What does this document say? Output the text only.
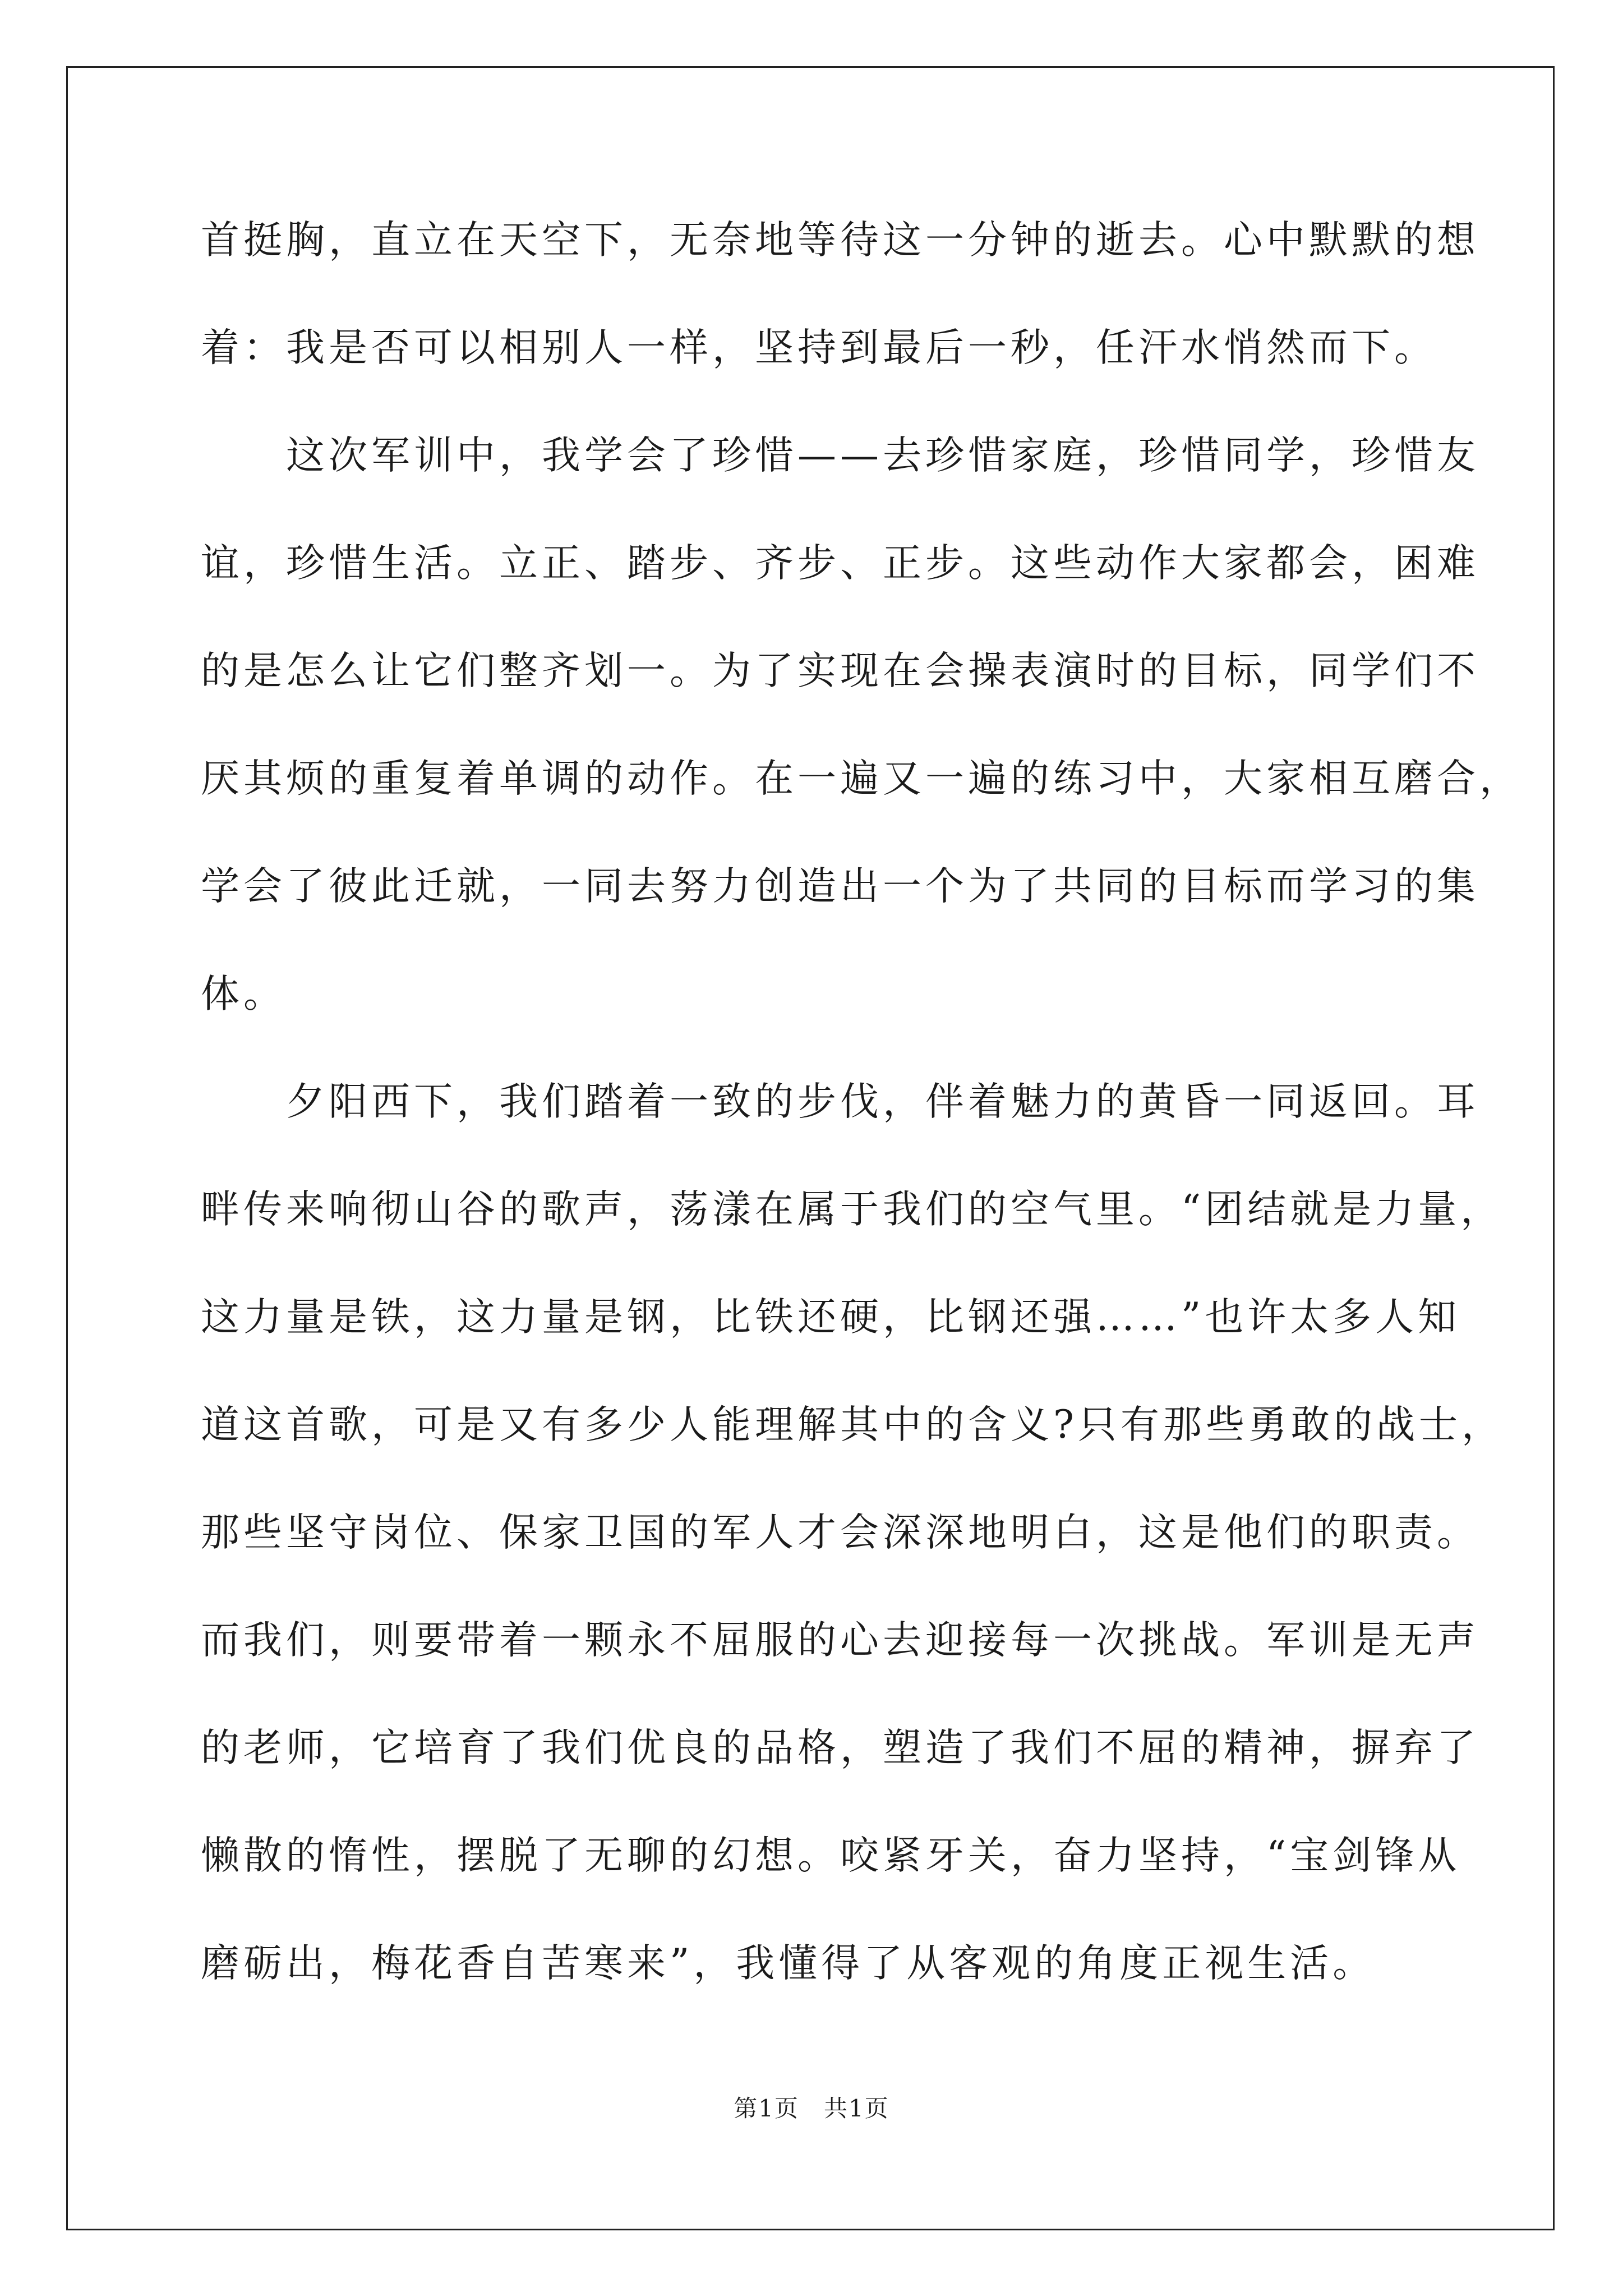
首挺胸，直立在天空下，无奈地等待这一分钟的逝去。心中默默的想
着：我是否可以相别人一样，坚持到最后一秒，任汗水悄然而下。
　　这次军训中，我学会了珍惜——去珍惜家庭，珍惜同学，珍惜友
谊，珍惜生活。立正、踏步、齐步、正步。这些动作大家都会，困难
的是怎么让它们整齐划一。为了实现在会操表演时的目标，同学们不
厌其烦的重复着单调的动作。在一遍又一遍的练习中，大家相互磨合，
学会了彼此迁就，一同去努力创造出一个为了共同的目标而学习的集
体。
　　夕阳西下，我们踏着一致的步伐，伴着魅力的黄昏一同返回。耳
畔传来响彻山谷的歌声，荡漾在属于我们的空气里。“团结就是力量，
这力量是铁，这力量是钢，比铁还硬，比钢还强……”也许太多人知
道这首歌，可是又有多少人能理解其中的含义?只有那些勇敢的战士，
那些坚守岗位、保家卫国的军人才会深深地明白，这是他们的职责。
而我们，则要带着一颗永不屈服的心去迎接每一次挑战。军训是无声
的老师，它培育了我们优良的品格，塑造了我们不屈的精神，摒弃了
懒散的惰性，摆脱了无聊的幻想。咬紧牙关，奋力坚持，“宝剑锋从
磨砺出，梅花香自苦寒来”，我懂得了从客观的角度正视生活。
第1页　共1页
